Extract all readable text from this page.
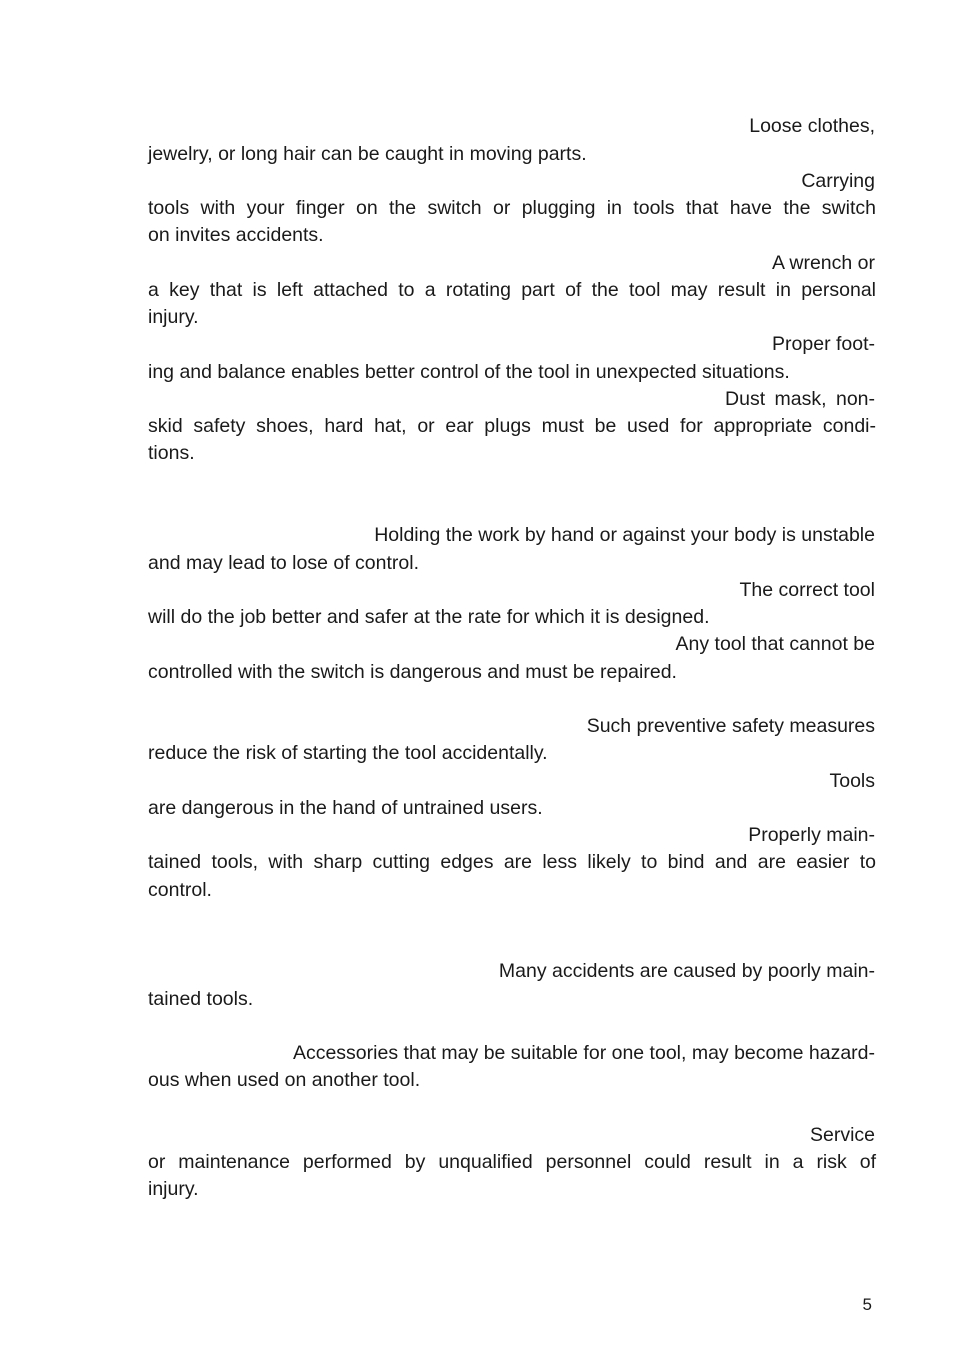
Loose clothes,

jewelry, or long hair can be caught in moving parts.

Carrying

tools with your finger on the switch or plugging in tools that have the switch

on invites accidents.

A wrench or

a key that is left attached to a rotating part of the tool may result in personal

injury.

Proper foot-

ing and balance enables better control of the tool in unexpected situations.

Dust mask, non-

skid safety shoes, hard hat, or ear plugs must be used for appropriate condi-

tions.

Holding the work by hand or against your body is unstable

and may lead to lose of control.

The correct tool

will do the job better and safer at the rate for which it is designed.

Any tool that cannot be

controlled with the switch is dangerous and must be repaired.

Such preventive safety measures

reduce the risk of starting the tool accidentally.

Tools

are dangerous in the hand of untrained users.

Properly main-

tained tools, with sharp cutting edges are less likely to bind and are easier to

control.

Many accidents are caused by poorly main-

tained tools.

Accessories that may be suitable for one tool, may become hazard-

ous when used on another tool.

Service

or maintenance performed by unqualified personnel could result in a risk of

injury.

5
